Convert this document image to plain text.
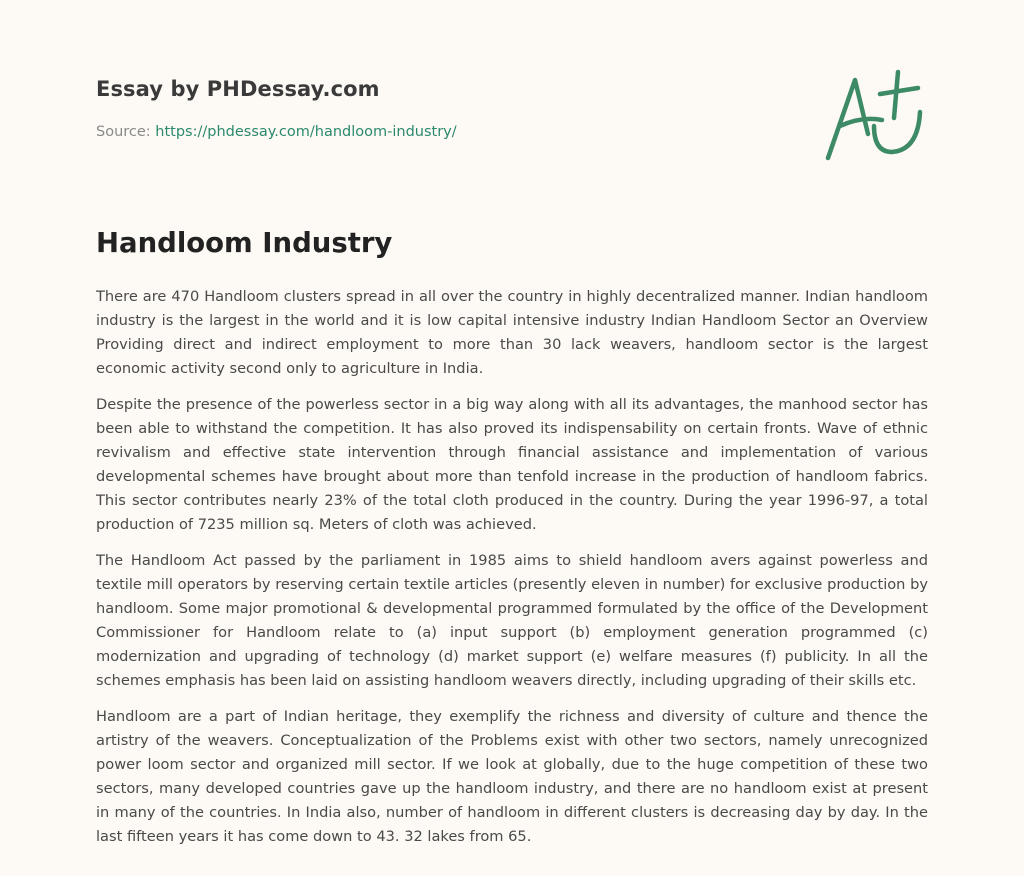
Essay by PHDessay.com
Source: https://phdessay.com/handloom-industry/
Handloom Industry

There are 470 Handloom clusters spread in all over the country in highly decentralized manner. Indian handloom industry is the largest in the world and it is low capital intensive industry Indian Handloom Sector an Overview Providing direct and indirect employment to more than 30 lack weavers, handloom sector is the largest economic activity second only to agriculture in India.

Despite the presence of the powerless sector in a big way along with all its advantages, the manhood sector has been able to withstand the competition. It has also proved its indispensability on certain fronts. Wave of ethnic revivalism and effective state intervention through financial assistance and implementation of various developmental schemes have brought about more than tenfold increase in the production of handloom fabrics. This sector contributes nearly 23% of the total cloth produced in the country. During the year 1996-97, a total production of 7235 million sq. Meters of cloth was achieved.

The Handloom Act passed by the parliament in 1985 aims to shield handloom avers against powerless and textile mill operators by reserving certain textile articles (presently eleven in number) for exclusive production by handloom. Some major promotional & developmental programmed formulated by the office of the Development Commissioner for Handloom relate to (a) input support (b) employment generation programmed (c) modernization and upgrading of technology (d) market support (e) welfare measures (f) publicity. In all the schemes emphasis has been laid on assisting handloom weavers directly, including upgrading of their skills etc.

Handloom are a part of Indian heritage, they exemplify the richness and diversity of culture and thence the artistry of the weavers. Conceptualization of the Problems exist with other two sectors, namely unrecognized power loom sector and organized mill sector. If we look at globally, due to the huge competition of these two sectors, many developed countries gave up the handloom industry, and there are no handloom exist at present in many of the countries. In India also, number of handloom in different clusters is decreasing day by day. In the last fifteen years it has come down to 43. 32 lakes from 65.
